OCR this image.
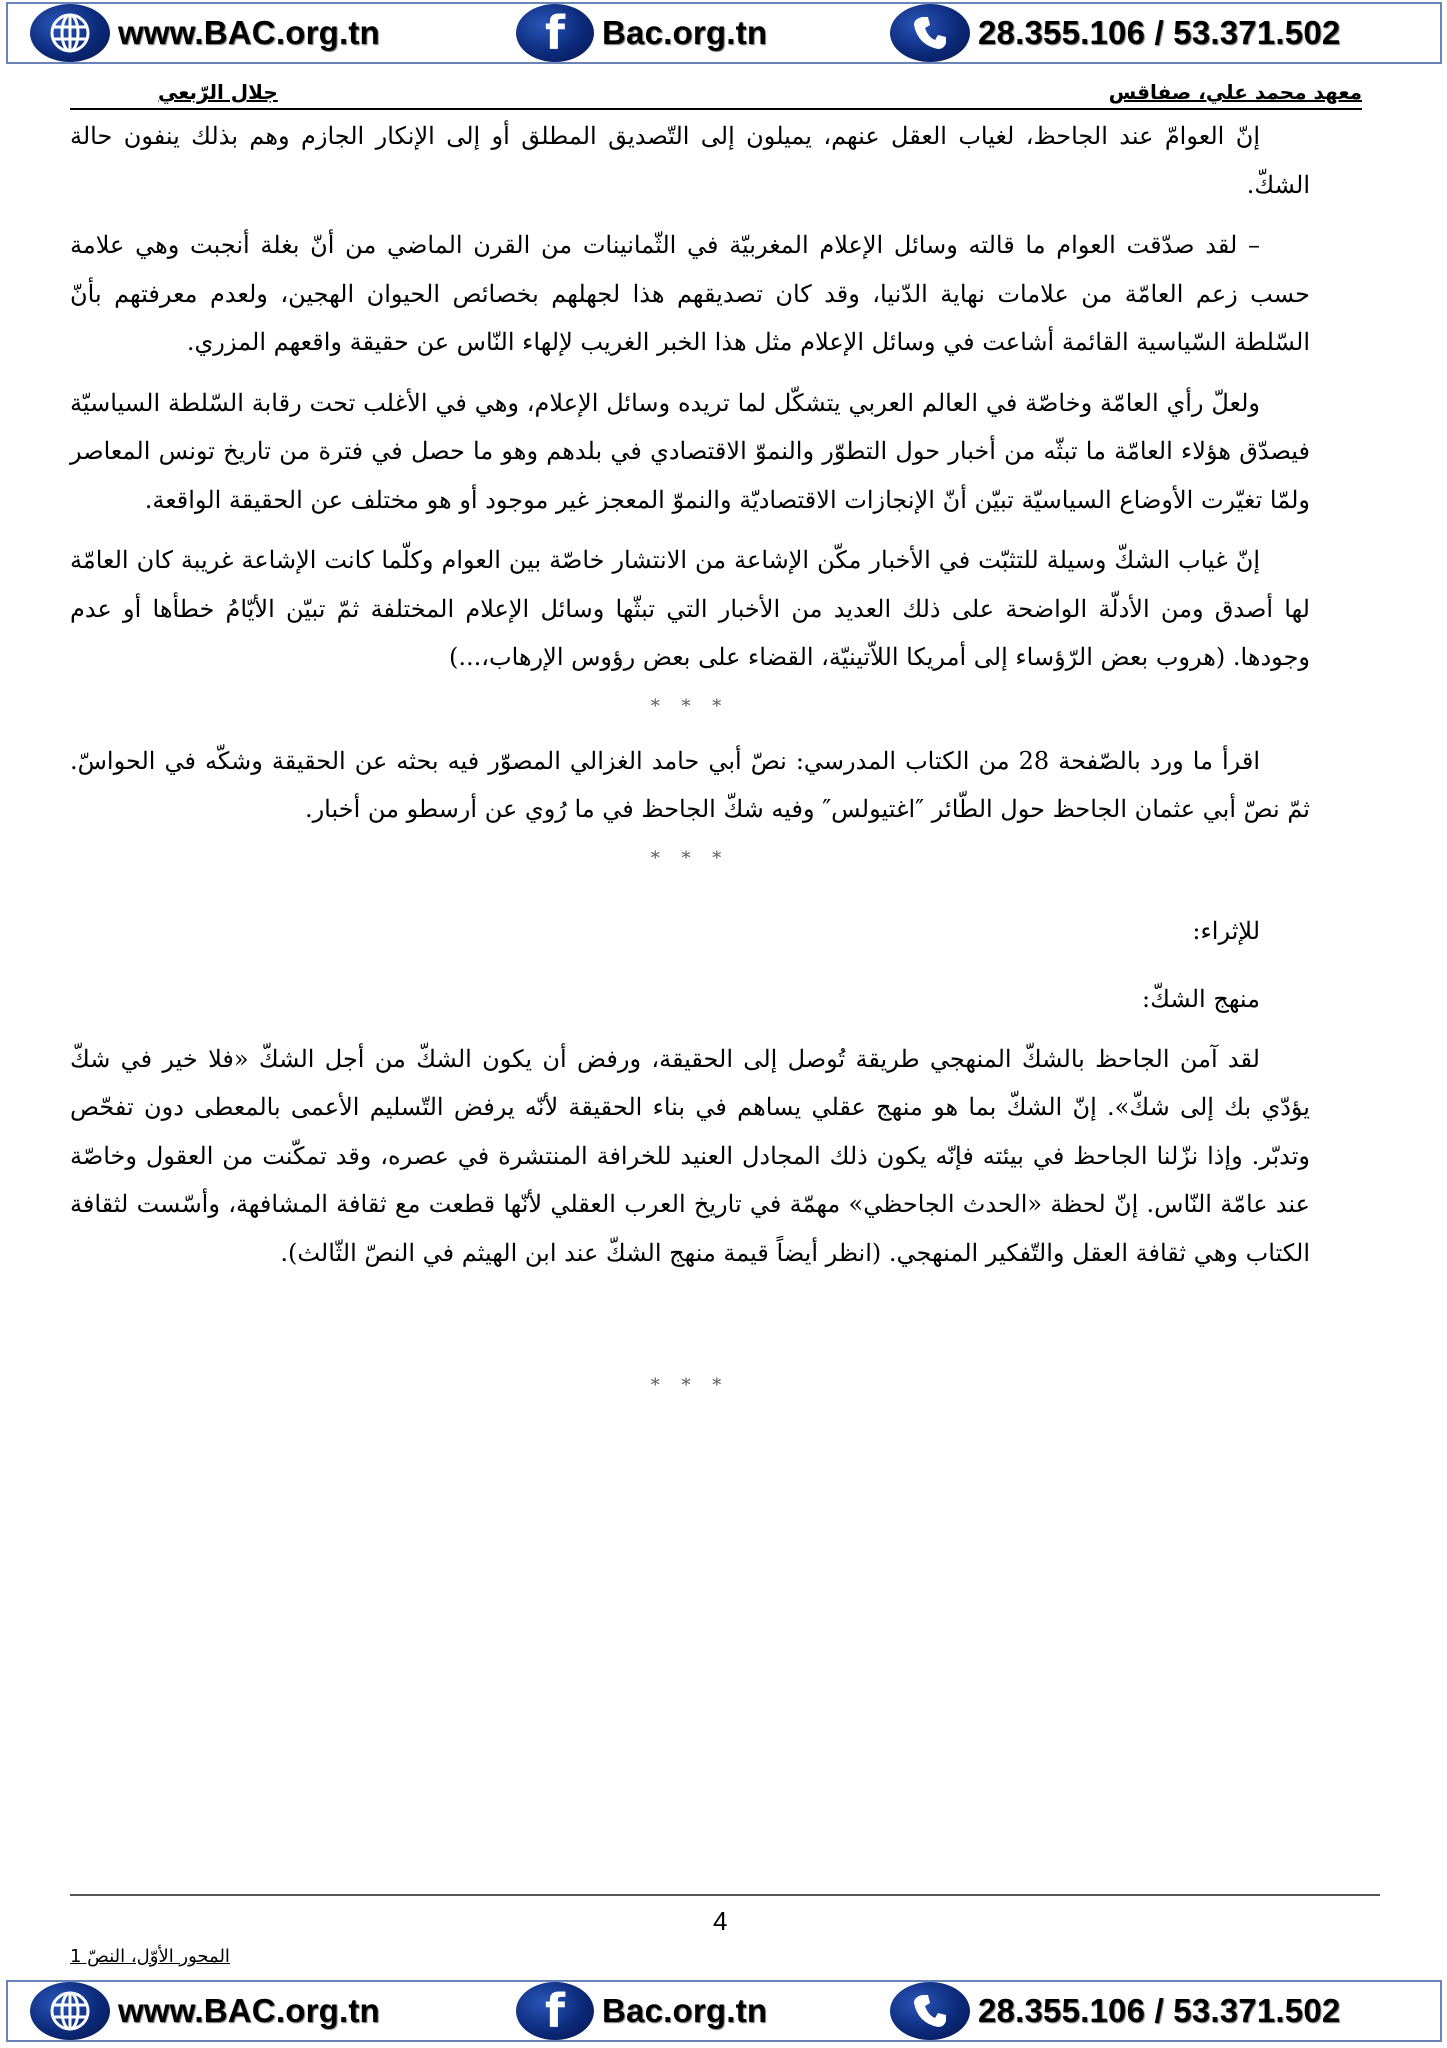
www.BAC.org.tn	f Bac.org.tn	28.355.106 / 53.371.502
معهد محمد علي، صفاقس
جلال الرّبعي

إنّ العوامّ عند الجاحظ، لغياب العقل عنهم، يميلون إلى التّصديق المطلق أو إلى الإنكار الجازم وهم بذلك ينفون حالة الشكّ.

– لقد صدّقت العوام ما قالته وسائل الإعلام المغربيّة في الثّمانينات من القرن الماضي من أنّ بغلة أنجبت وهي علامة حسب زعم العامّة من علامات نهاية الدّنيا، وقد كان تصديقهم هذا لجهلهم بخصائص الحيوان الهجين، ولعدم معرفتهم بأنّ السّلطة السّياسية القائمة أشاعت في وسائل الإعلام مثل هذا الخبر الغريب لإلهاء النّاس عن حقيقة واقعهم المزري.

ولعلّ رأي العامّة وخاصّة في العالم العربي يتشكّل لما تريده وسائل الإعلام، وهي في الأغلب تحت رقابة السّلطة السياسيّة فيصدّق هؤلاء العامّة ما تبثّه من أخبار حول التطوّر والنموّ الاقتصادي في بلدهم وهو ما حصل في فترة من تاريخ تونس المعاصر ولمّا تغيّرت الأوضاع السياسيّة تبيّن أنّ الإنجازات الاقتصاديّة والنموّ المعجز غير موجود أو هو مختلف عن الحقيقة الواقعة.

إنّ غياب الشكّ وسيلة للتثبّت في الأخبار مكّن الإشاعة من الانتشار خاصّة بين العوام وكلّما كانت الإشاعة غريبة كان العامّة لها أصدق ومن الأدلّة الواضحة على ذلك العديد من الأخبار التي تبثّها وسائل الإعلام المختلفة ثمّ تبيّن الأيّامُ خطأها أو عدم وجودها. (هروب بعض الرّؤساء إلى أمريكا اللاّتينيّة، القضاء على بعض رؤوس الإرهاب،...)

* * *

اقرأ ما ورد بالصّفحة 28 من الكتاب المدرسي: نصّ أبي حامد الغزالي المصوّر فيه بحثه عن الحقيقة وشكّه في الحواسّ. ثمّ نصّ أبي عثمان الجاحظ حول الطّائر ″اغتيولس″ وفيه شكّ الجاحظ في ما رُوي عن أرسطو من أخبار.

* * *

للإثراء:

منهج الشكّ:

لقد آمن الجاحظ بالشكّ المنهجي طريقة تُوصل إلى الحقيقة، ورفض أن يكون الشكّ من أجل الشكّ «فلا خير في شكّ يؤدّي بك إلى شكّ». إنّ الشكّ بما هو منهج عقلي يساهم في بناء الحقيقة لأنّه يرفض التّسليم الأعمى بالمعطى دون تفحّص وتدبّر. وإذا نزّلنا الجاحظ في بيئته فإنّه يكون ذلك المجادل العنيد للخرافة المنتشرة في عصره، وقد تمكّنت من العقول وخاصّة عند عامّة النّاس. إنّ لحظة «الحدث الجاحظي» مهمّة في تاريخ العرب العقلي لأنّها قطعت مع ثقافة المشافهة، وأسّست لثقافة الكتاب وهي ثقافة العقل والتّفكير المنهجي. (انظر أيضاً قيمة منهج الشكّ عند ابن الهيثم في النصّ الثّالث).

* * *
4
المحور الأوّل، النصّ 1
www.BAC.org.tn	f Bac.org.tn	28.355.106 / 53.371.502
